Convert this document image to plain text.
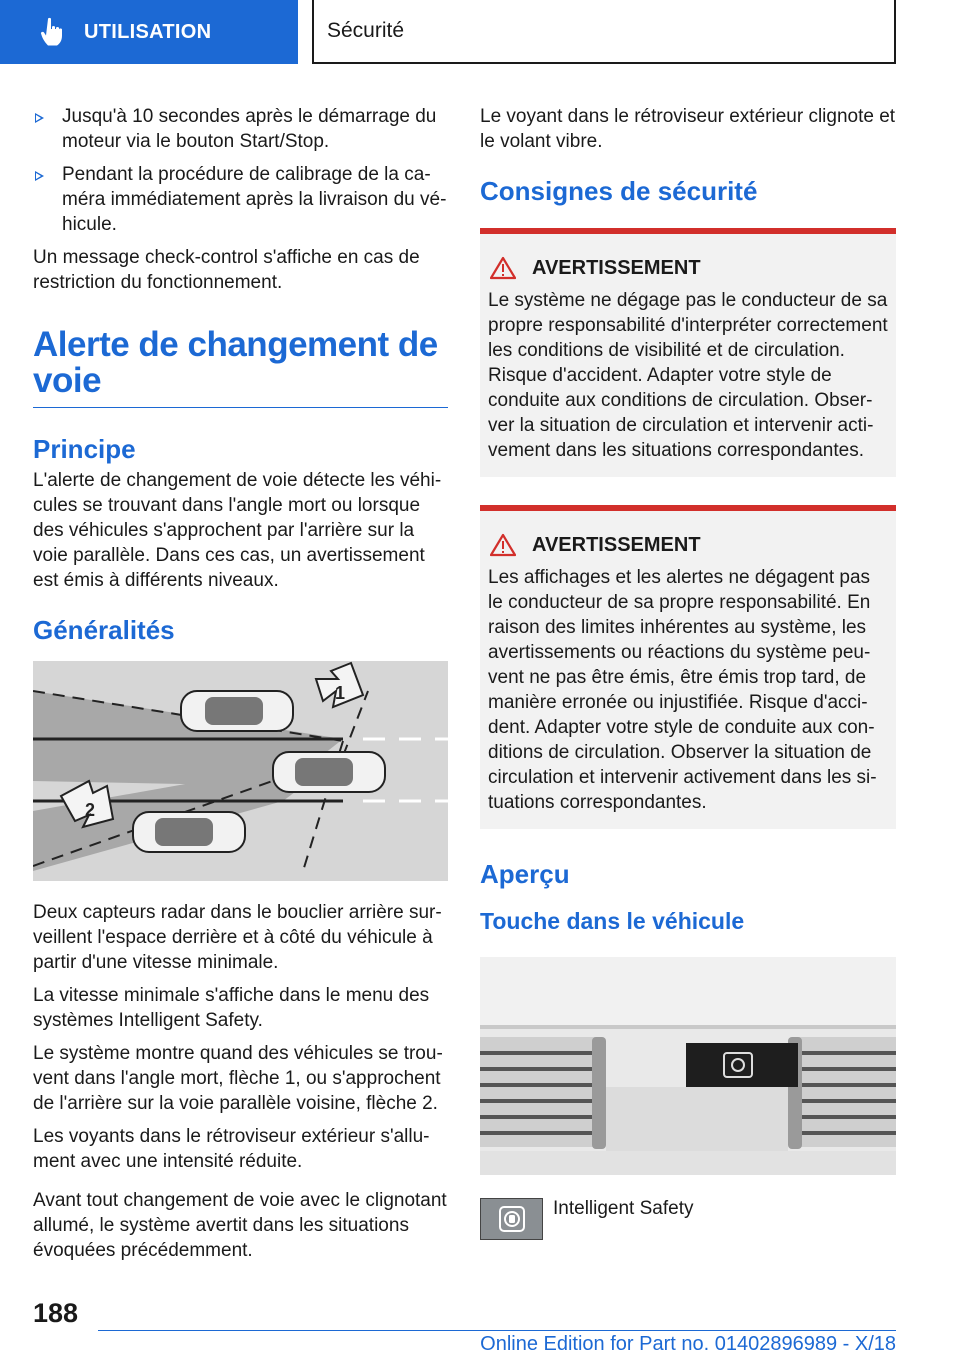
UTILISATION	Sécurité
Jusqu'à 10 secondes après le démarrage du moteur via le bouton Start/Stop.
Pendant la procédure de calibrage de la caméra immédiatement après la livraison du véhicule.

Un message check-control s'affiche en cas de restriction du fonctionnement.

Alerte de changement de voie
Principe

L'alerte de changement de voie détecte les véhicules se trouvant dans l'angle mort ou lorsque des véhicules s'approchent par l'arrière sur la voie parallèle. Dans ces cas, un avertissement est émis à différents niveaux.

Généralités
1
2

Deux capteurs radar dans le bouclier arrière surveillent l'espace derrière et à côté du véhicule à partir d'une vitesse minimale.

La vitesse minimale s'affiche dans le menu des systèmes Intelligent Safety.

Le système montre quand des véhicules se trouvent dans l'angle mort, flèche 1, ou s'approchent de l'arrière sur la voie parallèle voisine, flèche 2.

Les voyants dans le rétroviseur extérieur s'allument avec une intensité réduite.

Avant tout changement de voie avec le clignotant allumé, le système avertit dans les situations évoquées précédemment.

Le voyant dans le rétroviseur extérieur clignote et le volant vibre.

Consignes de sécurité
AVERTISSEMENT

Le système ne dégage pas le conducteur de sa propre responsabilité d'interpréter correctement les conditions de visibilité et de circulation. Risque d'accident. Adapter votre style de conduite aux conditions de circulation. Observer la situation de circulation et intervenir activement dans les situations correspondantes.

AVERTISSEMENT

Les affichages et les alertes ne dégagent pas le conducteur de sa propre responsabilité. En raison des limites inhérentes au système, les avertissements ou réactions du système peuvent ne pas être émis, être émis trop tard, de manière erronée ou injustifiée. Risque d'accident. Adapter votre style de conduite aux conditions de circulation. Observer la situation de circulation et intervenir activement dans les situations correspondantes.

Aperçu
Touche dans le véhicule
Intelligent Safety
188
Online Edition for Part no. 01402896989 - X/18
